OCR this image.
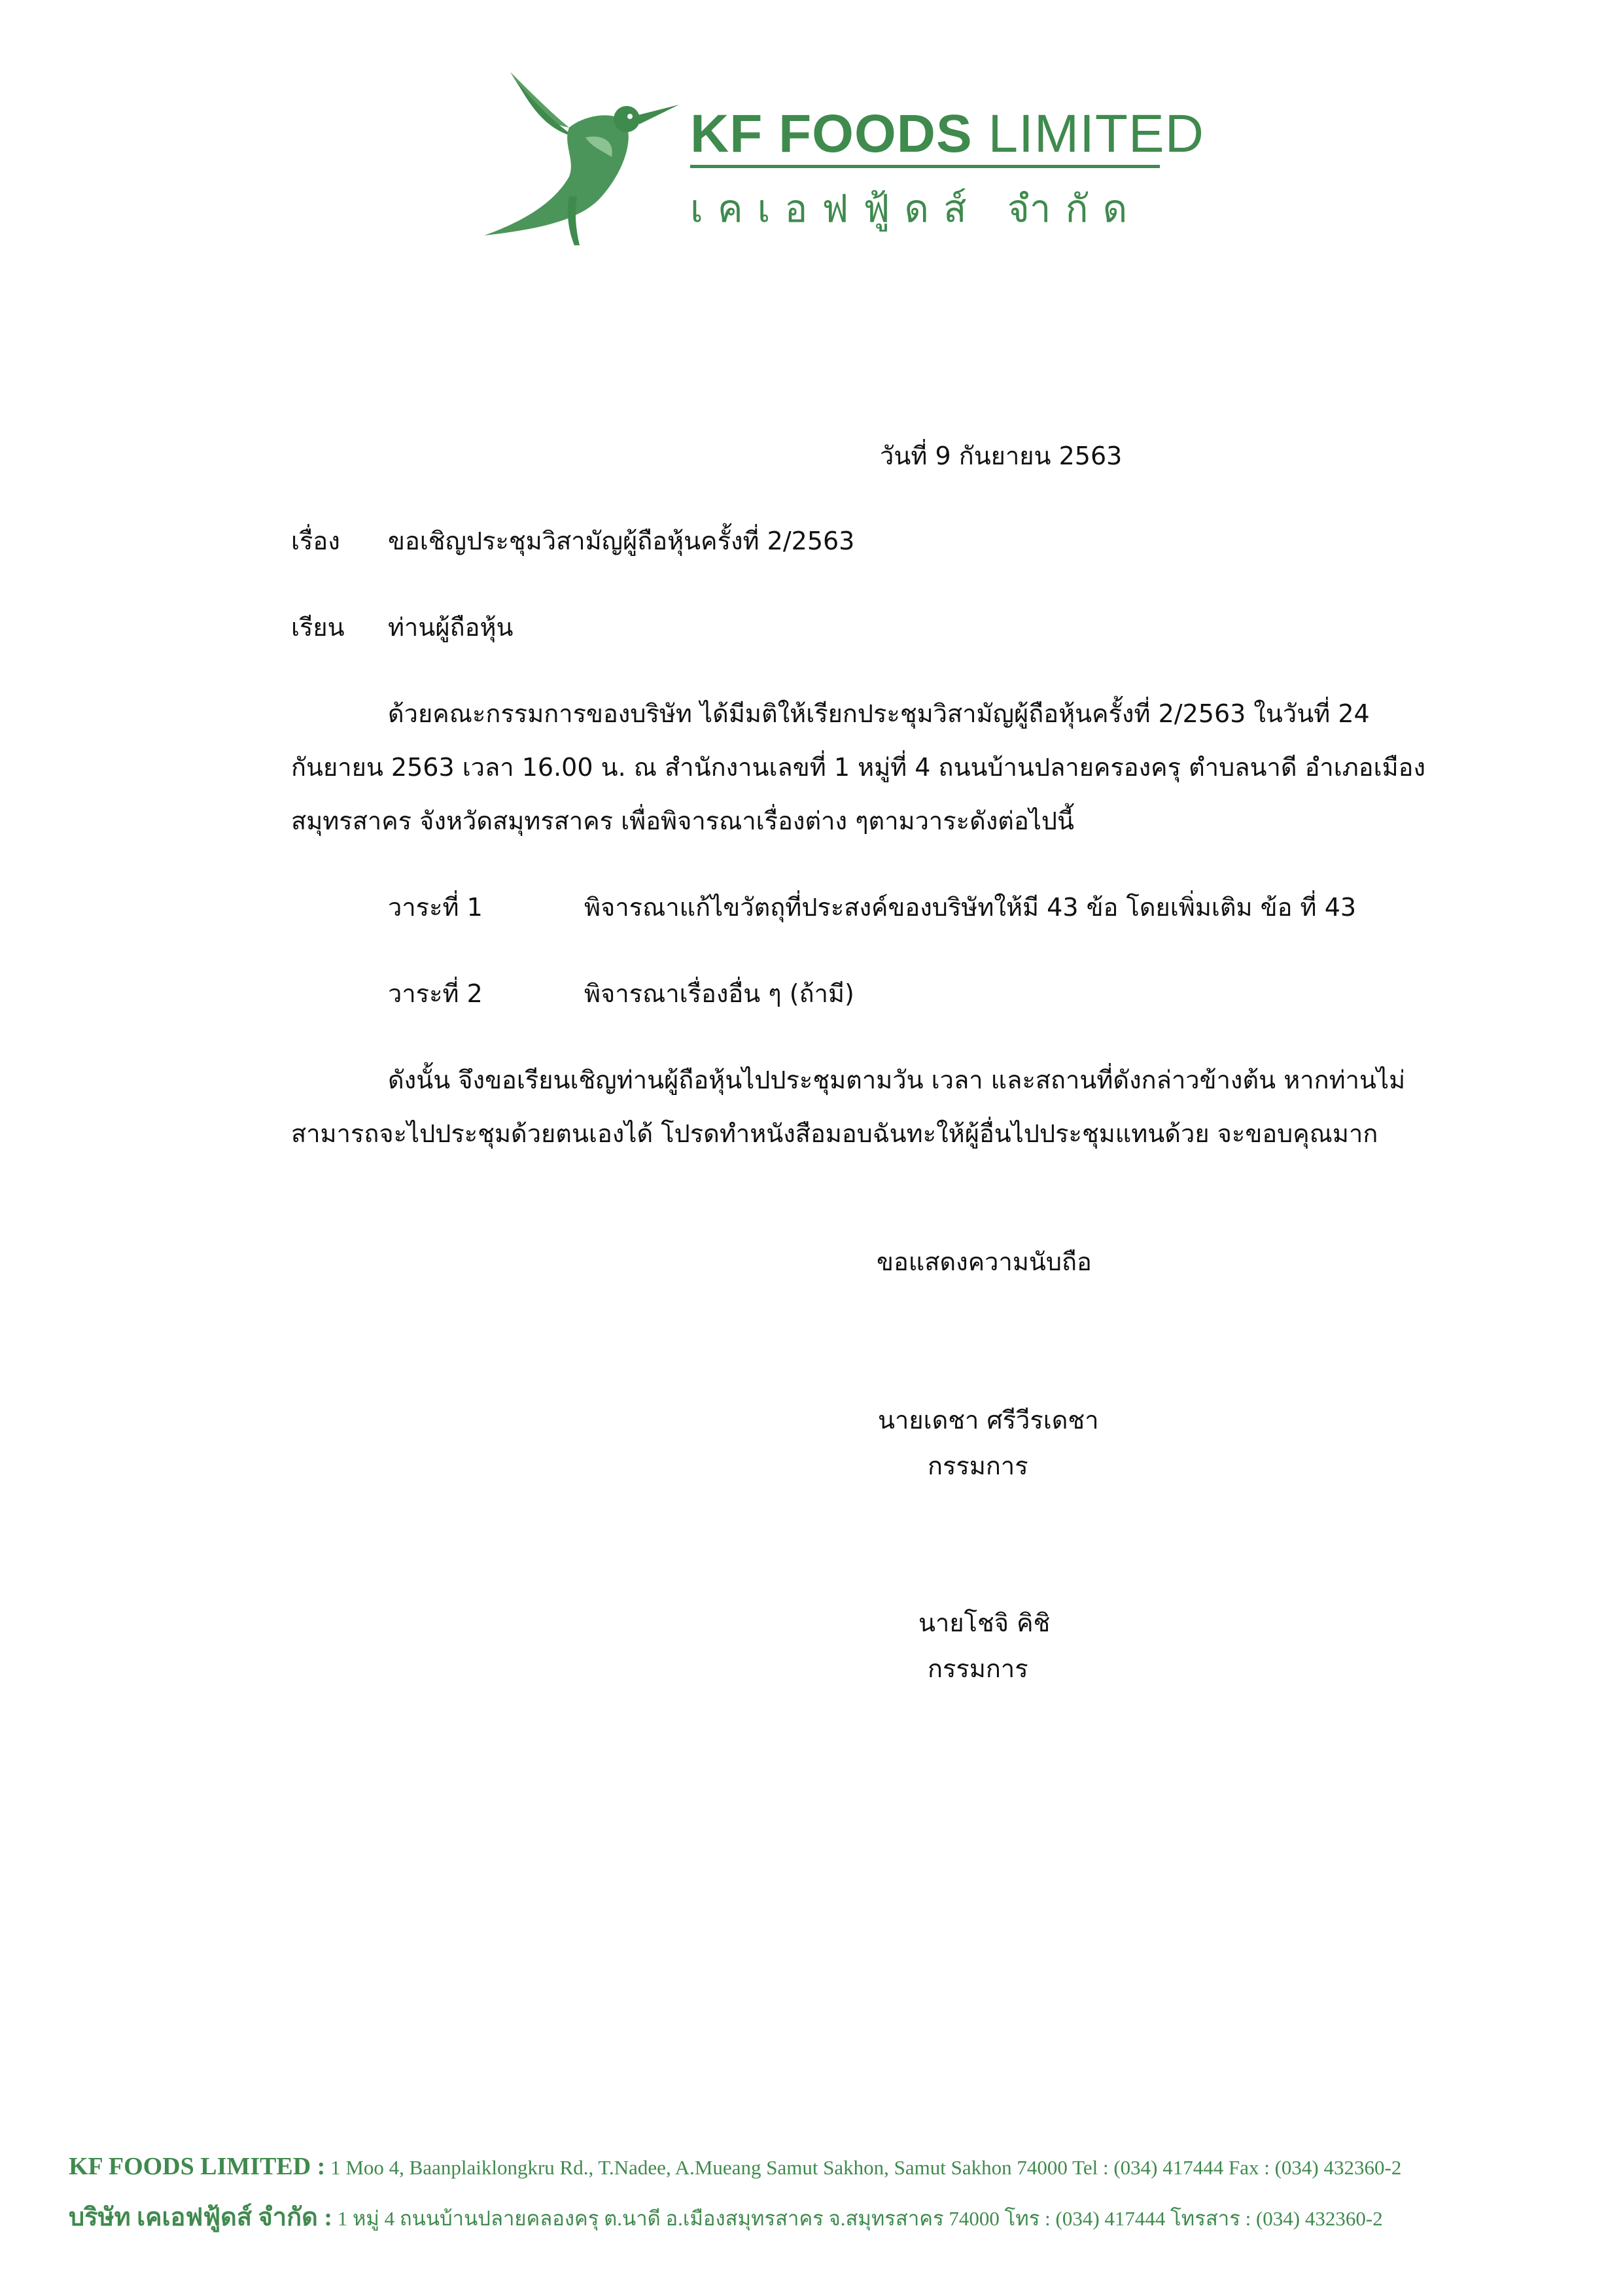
KF FOODS LIMITED
เคเอฟฟู้ดส์ จำกัด
วันที่ 9 กันยายน 2563
เรื่อง ขอเชิญประชุมวิสามัญผู้ถือหุ้นครั้งที่ 2/2563
เรียน ท่านผู้ถือหุ้น
ด้วยคณะกรรมการของบริษัท ได้มีมติให้เรียกประชุมวิสามัญผู้ถือหุ้นครั้งที่ 2/2563 ในวันที่ 24
กันยายน 2563 เวลา 16.00 น. ณ สำนักงานเลขที่ 1 หมู่ที่ 4 ถนนบ้านปลายครองครุ ตำบลนาดี อำเภอเมือง
สมุทรสาคร จังหวัดสมุทรสาคร เพื่อพิจารณาเรื่องต่าง ๆตามวาระดังต่อไปนี้
วาระที่ 1	พิจารณาแก้ไขวัตถุที่ประสงค์ของบริษัทให้มี 43 ข้อ โดยเพิ่มเติม ข้อ ที่ 43
วาระที่ 2	พิจารณาเรื่องอื่น ๆ (ถ้ามี)
ดังนั้น จึงขอเรียนเชิญท่านผู้ถือหุ้นไปประชุมตามวัน เวลา และสถานที่ดังกล่าวข้างต้น หากท่านไม่
สามารถจะไปประชุมด้วยตนเองได้ โปรดทำหนังสือมอบฉันทะให้ผู้อื่นไปประชุมแทนด้วย จะขอบคุณมาก
ขอแสดงความนับถือ
นายเดชา ศรีวีรเดชา
กรรมการ
นายโชจิ คิชิ
กรรมการ
KF FOODS LIMITED : 1 Moo 4, Baanplaiklongkru Rd., T.Nadee, A.Mueang Samut Sakhon, Samut Sakhon 74000 Tel : (034) 417444 Fax : (034) 432360-2
บริษัท เคเอฟฟู้ดส์ จำกัด : 1 หมู่ 4 ถนนบ้านปลายคลองครุ ต.นาดี อ.เมืองสมุทรสาคร จ.สมุทรสาคร 74000 โทร : (034) 417444 โทรสาร : (034) 432360-2
